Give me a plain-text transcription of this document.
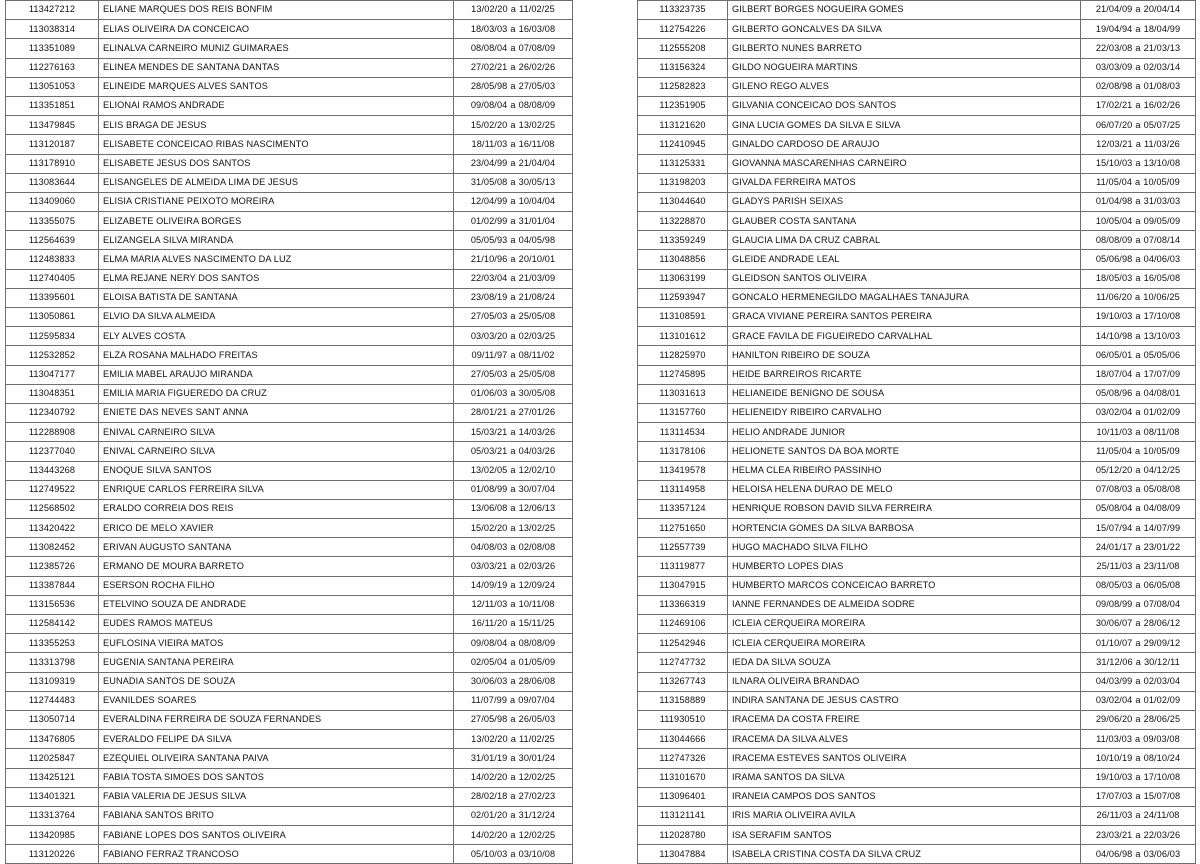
113427212	ELIANE MARQUES DOS REIS BONFIM	13/02/20 a 11/02/25
113038314	ELIAS OLIVEIRA DA CONCEICAO	18/03/03 a 16/03/08
113351089	ELINALVA CARNEIRO MUNIZ GUIMARAES	08/08/04 a 07/08/09
112276163	ELINEA MENDES DE SANTANA DANTAS	27/02/21 a 26/02/26
113051053	ELINEIDE MARQUES ALVES SANTOS	28/05/98 a 27/05/03
113351851	ELIONAI RAMOS ANDRADE	09/08/04 a 08/08/09
113479845	ELIS BRAGA DE JESUS	15/02/20 a 13/02/25
113120187	ELISABETE CONCEICAO RIBAS NASCIMENTO	18/11/03 a 16/11/08
113178910	ELISABETE JESUS DOS SANTOS	23/04/99 a 21/04/04
113083644	ELISANGELES DE ALMEIDA LIMA DE JESUS	31/05/08 a 30/05/13
113409060	ELISIA CRISTIANE PEIXOTO MOREIRA	12/04/99 a 10/04/04
113355075	ELIZABETE OLIVEIRA BORGES	01/02/99 a 31/01/04
112564639	ELIZANGELA SILVA MIRANDA	05/05/93 a 04/05/98
112483833	ELMA MARIA ALVES NASCIMENTO DA LUZ	21/10/96 a 20/10/01
112740405	ELMA REJANE NERY DOS SANTOS	22/03/04 a 21/03/09
113395601	ELOISA BATISTA DE SANTANA	23/08/19 a 21/08/24
113050861	ELVIO DA SILVA ALMEIDA	27/05/03 a 25/05/08
112595834	ELY ALVES COSTA	03/03/20 a 02/03/25
112532852	ELZA ROSANA MALHADO FREITAS	09/11/97 a 08/11/02
113047177	EMILIA MABEL ARAUJO MIRANDA	27/05/03 a 25/05/08
113048351	EMILIA MARIA FIGUEREDO DA CRUZ	01/06/03 a 30/05/08
112340792	ENIETE DAS NEVES SANT ANNA	28/01/21 a 27/01/26
112288908	ENIVAL CARNEIRO SILVA	15/03/21 a 14/03/26
112377040	ENIVAL CARNEIRO SILVA	05/03/21 a 04/03/26
113443268	ENOQUE SILVA SANTOS	13/02/05 a 12/02/10
112749522	ENRIQUE CARLOS FERREIRA SILVA	01/08/99 a 30/07/04
112568502	ERALDO CORREIA DOS REIS	13/06/08 a 12/06/13
113420422	ERICO DE MELO XAVIER	15/02/20 a 13/02/25
113082452	ERIVAN AUGUSTO SANTANA	04/08/03 a 02/08/08
112385726	ERMANO DE MOURA BARRETO	03/03/21 a 02/03/26
113387844	ESERSON ROCHA FILHO	14/09/19 a 12/09/24
113156536	ETELVINO SOUZA DE ANDRADE	12/11/03 a 10/11/08
112584142	EUDES RAMOS MATEUS	16/11/20 a 15/11/25
113355253	EUFLOSINA VIEIRA MATOS	09/08/04 a 08/08/09
113313798	EUGENIA SANTANA PEREIRA	02/05/04 a 01/05/09
113109319	EUNADIA SANTOS DE SOUZA	30/06/03 a 28/06/08
112744483	EVANILDES SOARES	11/07/99 a 09/07/04
113050714	EVERALDINA FERREIRA DE SOUZA FERNANDES	27/05/98 a 26/05/03
113476805	EVERALDO FELIPE DA SILVA	13/02/20 a 11/02/25
112025847	EZEQUIEL OLIVEIRA SANTANA PAIVA	31/01/19 a 30/01/24
113425121	FABIA TOSTA SIMOES DOS SANTOS	14/02/20 a 12/02/25
113401321	FABIA VALERIA DE JESUS SILVA	28/02/18 a 27/02/23
113313764	FABIANA SANTOS BRITO	02/01/20 a 31/12/24
113420985	FABIANE LOPES DOS SANTOS OLIVEIRA	14/02/20 a 12/02/25
113120226	FABIANO FERRAZ TRANCOSO	05/10/03 a 03/10/08
113323735	GILBERT BORGES NOGUEIRA GOMES	21/04/09 a 20/04/14
112754226	GILBERTO GONCALVES DA SILVA	19/04/94 a 18/04/99
112555208	GILBERTO NUNES BARRETO	22/03/08 a 21/03/13
113156324	GILDO NOGUEIRA MARTINS	03/03/09 a 02/03/14
112582823	GILENO REGO ALVES	02/08/98 a 01/08/03
112351905	GILVANIA CONCEICAO DOS SANTOS	17/02/21 a 16/02/26
113121620	GINA LUCIA GOMES DA SILVA E SILVA	06/07/20 a 05/07/25
112410945	GINALDO CARDOSO DE ARAUJO	12/03/21 a 11/03/26
113125331	GIOVANNA MASCARENHAS CARNEIRO	15/10/03 a 13/10/08
113198203	GIVALDA FERREIRA MATOS	11/05/04 a 10/05/09
113044640	GLADYS PARISH SEIXAS	01/04/98 a 31/03/03
113228870	GLAUBER COSTA SANTANA	10/05/04 a 09/05/09
113359249	GLAUCIA LIMA DA CRUZ CABRAL	08/08/09 a 07/08/14
113048856	GLEIDE ANDRADE LEAL	05/06/98 a 04/06/03
113063199	GLEIDSON SANTOS OLIVEIRA	18/05/03 a 16/05/08
112593947	GONCALO HERMENEGILDO MAGALHAES TANAJURA	11/06/20 a 10/06/25
113108591	GRACA VIVIANE PEREIRA SANTOS PEREIRA	19/10/03 a 17/10/08
113101612	GRACE FAVILA DE FIGUEIREDO CARVALHAL	14/10/98 a 13/10/03
112825970	HANILTON RIBEIRO DE SOUZA	06/05/01 a 05/05/06
112745895	HEIDE BARREIROS RICARTE	18/07/04 a 17/07/09
113031613	HELIANEIDE BENIGNO DE SOUSA	05/08/96 a 04/08/01
113157760	HELIENEIDY RIBEIRO CARVALHO	03/02/04 a 01/02/09
113114534	HELIO ANDRADE JUNIOR	10/11/03 a 08/11/08
113178106	HELIONETE SANTOS DA BOA MORTE	11/05/04 a 10/05/09
113419578	HELMA CLEA RIBEIRO PASSINHO	05/12/20 a 04/12/25
113114958	HELOISA HELENA DURAO DE MELO	07/08/03 a 05/08/08
113357124	HENRIQUE ROBSON DAVID SILVA FERREIRA	05/08/04 a 04/08/09
112751650	HORTENCIA GOMES DA SILVA BARBOSA	15/07/94 a 14/07/99
112557739	HUGO MACHADO SILVA FILHO	24/01/17 a 23/01/22
113119877	HUMBERTO LOPES DIAS	25/11/03 a 23/11/08
113047915	HUMBERTO MARCOS CONCEICAO BARRETO	08/05/03 a 06/05/08
113366319	IANNE FERNANDES DE ALMEIDA SODRE	09/08/99 a 07/08/04
112469106	ICLEIA CERQUEIRA MOREIRA	30/06/07 a 28/06/12
112542946	ICLEIA CERQUEIRA MOREIRA	01/10/07 a 29/09/12
112747732	IEDA DA SILVA SOUZA	31/12/06 a 30/12/11
113267743	ILNARA OLIVEIRA BRANDAO	04/03/99 a 02/03/04
113158889	INDIRA SANTANA DE JESUS CASTRO	03/02/04 a 01/02/09
111930510	IRACEMA DA COSTA FREIRE	29/06/20 a 28/06/25
113044666	IRACEMA DA SILVA ALVES	11/03/03 a 09/03/08
112747326	IRACEMA ESTEVES SANTOS OLIVEIRA	10/10/19 a 08/10/24
113101670	IRAMA SANTOS DA SILVA	19/10/03 a 17/10/08
113096401	IRANEIA CAMPOS DOS SANTOS	17/07/03 a 15/07/08
113121141	IRIS MARIA OLIVEIRA AVILA	26/11/03 a 24/11/08
112028780	ISA SERAFIM SANTOS	23/03/21 a 22/03/26
113047884	ISABELA CRISTINA COSTA DA SILVA CRUZ	04/06/98 a 03/06/03
